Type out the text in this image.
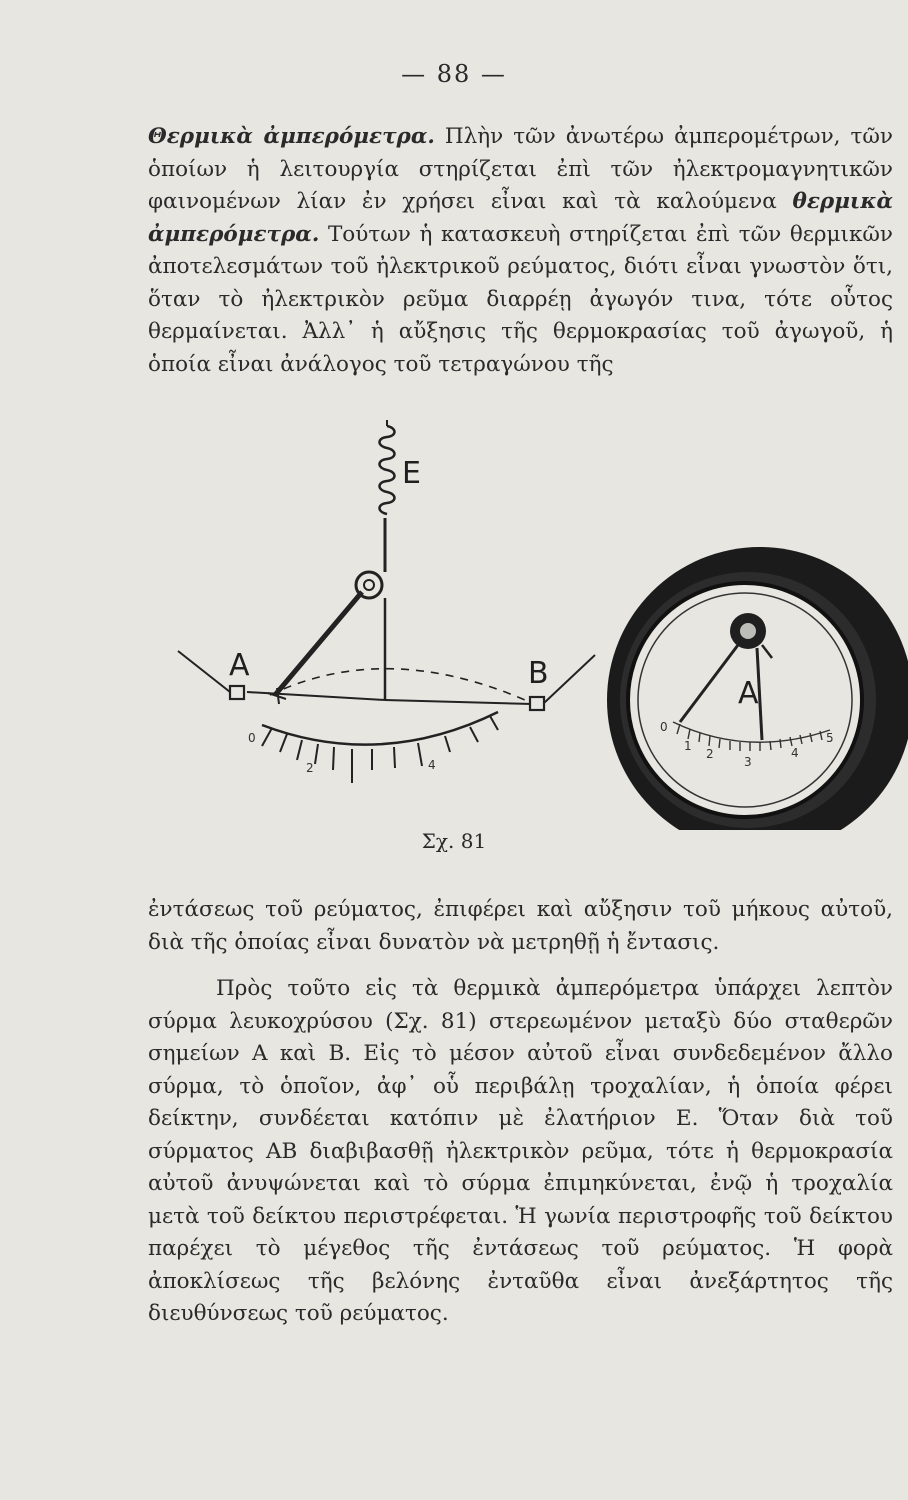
— 88 —

Θερμικὰ ἀμπερόμετρα. Πλὴν τῶν ἀνωτέρω ἀμπερομέτρων, τῶν ὁποίων ἡ λειτουργία στηρίζεται ἐπὶ τῶν ἠλεκτρομαγνητικῶν φαινομένων λίαν ἐν χρήσει εἶναι καὶ τὰ καλούμενα θερμικὰ ἀμπερόμετρα. Τούτων ἡ κατασκευὴ στηρίζεται ἐπὶ τῶν θερμικῶν ἀποτελεσμάτων τοῦ ἠλεκτρικοῦ ρεύματος, διότι εἶναι γνωστὸν ὅτι, ὅταν τὸ ἠλεκτρικὸν ρεῦμα διαρρέῃ ἀγωγόν τινα, τότε οὗτος θερμαίνεται. Ἀλλ᾽ ἡ αὔξησις τῆς θερμοκρασίας τοῦ ἀγωγοῦ, ἡ ὁποία εἶναι ἀνάλογος τοῦ τετραγώνου τῆς

E
A	B
0
2	4
A
0
1
2
3
4
5
Σχ. 81

ἐντάσεως τοῦ ρεύματος, ἐπιφέρει καὶ αὔξησιν τοῦ μήκους αὐτοῦ, διὰ τῆς ὁποίας εἶναι δυνατὸν νὰ μετρηθῇ ἡ ἔντασις.

Πρὸς τοῦτο εἰς τὰ θερμικὰ ἀμπερόμετρα ὑπάρχει λεπτὸν σύρμα λευκοχρύσου (Σχ. 81) στερεωμένον μεταξὺ δύο σταθερῶν σημείων A καὶ B. Εἰς τὸ μέσον αὐτοῦ εἶναι συνδεδεμένον ἄλλο σύρμα, τὸ ὁποῖον, ἀφ᾽ οὗ περιβάλῃ τροχαλίαν, ἡ ὁποία φέρει δείκτην, συνδέεται κατόπιν μὲ ἐλατήριον E. Ὅταν διὰ τοῦ σύρματος AB διαβιβασθῇ ἠλεκτρικὸν ρεῦμα, τότε ἡ θερμοκρασία αὐτοῦ ἀνυψώνεται καὶ τὸ σύρμα ἐπιμηκύνεται, ἐνῷ ἡ τροχαλία μετὰ τοῦ δείκτου περιστρέφεται. Ἡ γωνία περιστροφῆς τοῦ δείκτου παρέχει τὸ μέγεθος τῆς ἐντάσεως τοῦ ρεύματος. Ἡ φορὰ ἀποκλίσεως τῆς βελόνης ἐνταῦθα εἶναι ἀνεξάρτητος τῆς διευθύνσεως τοῦ ρεύματος.
